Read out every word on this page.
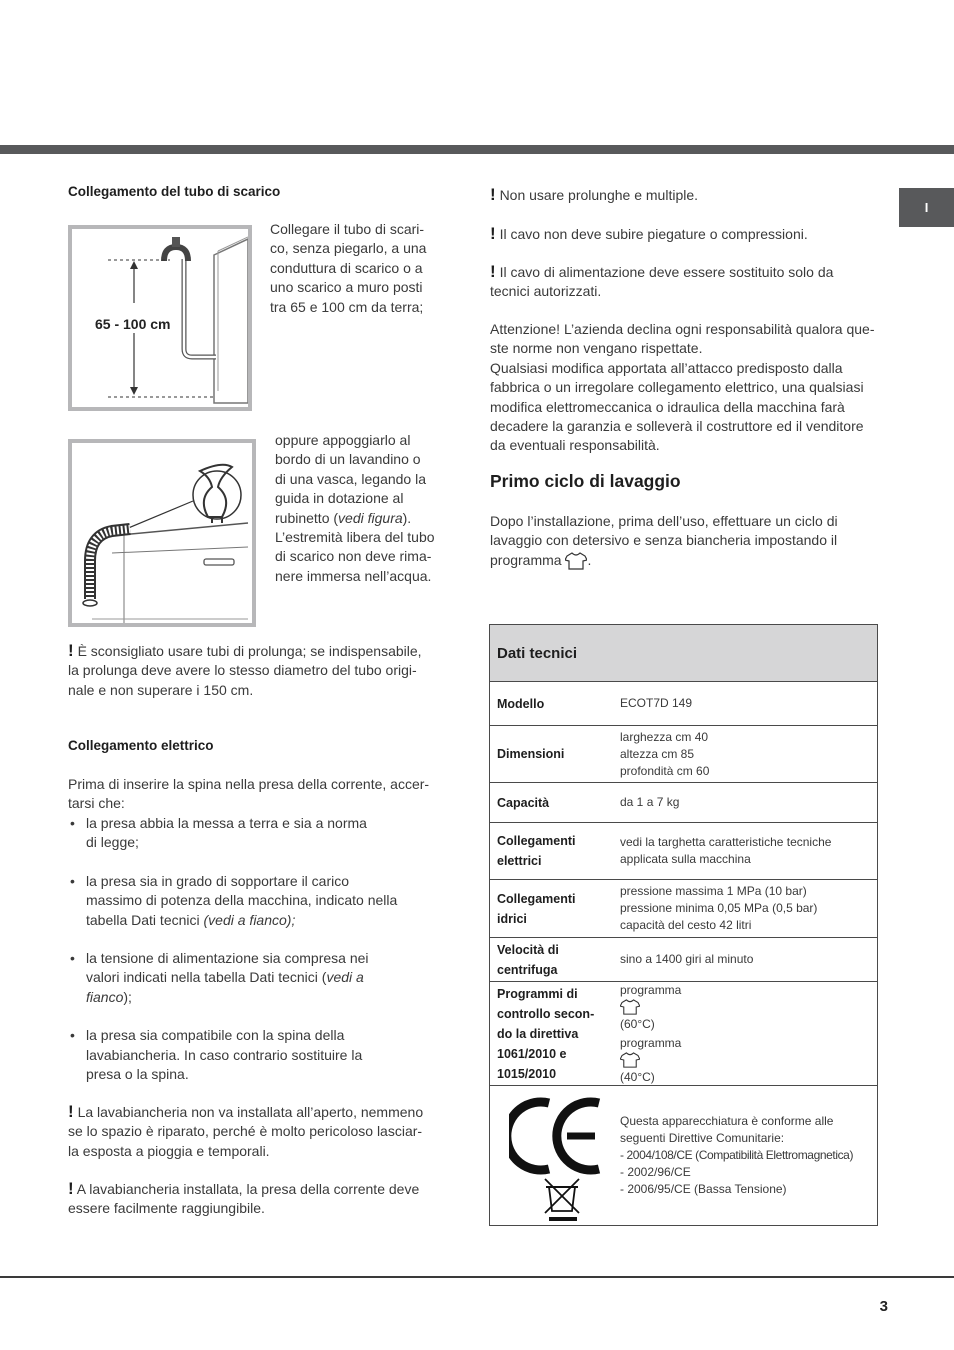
I
3
Collegamento del tubo di scarico
65 - 100 cm

Collegare il tubo di scari-

co, senza piegarlo, a una

conduttura di scarico o a

uno scarico a muro posti

tra 65 e 100 cm da terra;

oppure appoggiarlo al

bordo di un lavandino o

di una vasca, legando la

guida in dotazione al

rubinetto (vedi figura).

L’estremità libera del tubo

di scarico non deve rima-

nere immersa nell’acqua.

! È sconsigliato usare tubi di prolunga; se indispensabile,

la prolunga deve avere lo stesso diametro del tubo origi-

nale e non superare i 150 cm.

Collegamento elettrico

Prima di inserire la spina nella presa della corrente, accer-

tarsi che:

• la presa abbia la messa a terra e sia a norma
di legge;
• la presa sia in grado di sopportare il carico
massimo di potenza della macchina, indicato nella
tabella Dati tecnici (vedi a fianco);
• la tensione di alimentazione sia compresa nei
valori indicati nella tabella Dati tecnici (vedi a
fianco);
• la presa sia compatibile con la spina della
lavabiancheria. In caso contrario sostituire la
presa o la spina.

! La lavabiancheria non va installata all’aperto, nemmeno

se lo spazio è riparato, perché è molto pericoloso lasciar-

la esposta a pioggia e temporali.

! A lavabiancheria installata, la presa della corrente deve

essere facilmente raggiungibile.

! Non usare prolunghe e multiple.

! Il cavo non deve subire piegature o compressioni.

! Il cavo di alimentazione deve essere sostituito solo da

tecnici autorizzati.

Attenzione! L’azienda declina ogni responsabilità qualora que-

ste norme non vengano rispettate.

Qualsiasi modifica apportata all’attacco predisposto dalla

fabbrica o un irregolare collegamento elettrico, una qualsiasi

modifica elettromeccanica o idraulica della macchina farà

decadere la garanzia e solleverà il costruttore ed il venditore

da eventuali responsabilità.

Primo ciclo di lavaggio

Dopo l’installazione, prima dell’uso, effettuare un ciclo di

lavaggio con detersivo e senza biancheria impostando il

programma .

Dati tecnici
Modello	ECOT7D 149
Dimensioni
larghezza cm 40
altezza cm 85
profondità cm 60
Capacità	da 1 a 7 kg
Collegamenti
elettrici
vedi la targhetta caratteristiche tecniche
applicata sulla macchina
Collegamenti
idrici
pressione massima 1 MPa (10 bar)
pressione minima 0,05 MPa (0,5 bar)
capacità del cesto 42 litri
Velocità di
centrifuga
sino a 1400 giri al minuto
Programmi di
controllo secon-
do la direttiva
1061/2010 e
1015/2010
programma
(60°C)
programma
(40°C)
Questa apparecchiatura è conforme alle
seguenti Direttive Comunitarie:
- 2004/108/CE (Compatibilità Elettromagnetica)
- 2002/96/CE
- 2006/95/CE (Bassa Tensione)
